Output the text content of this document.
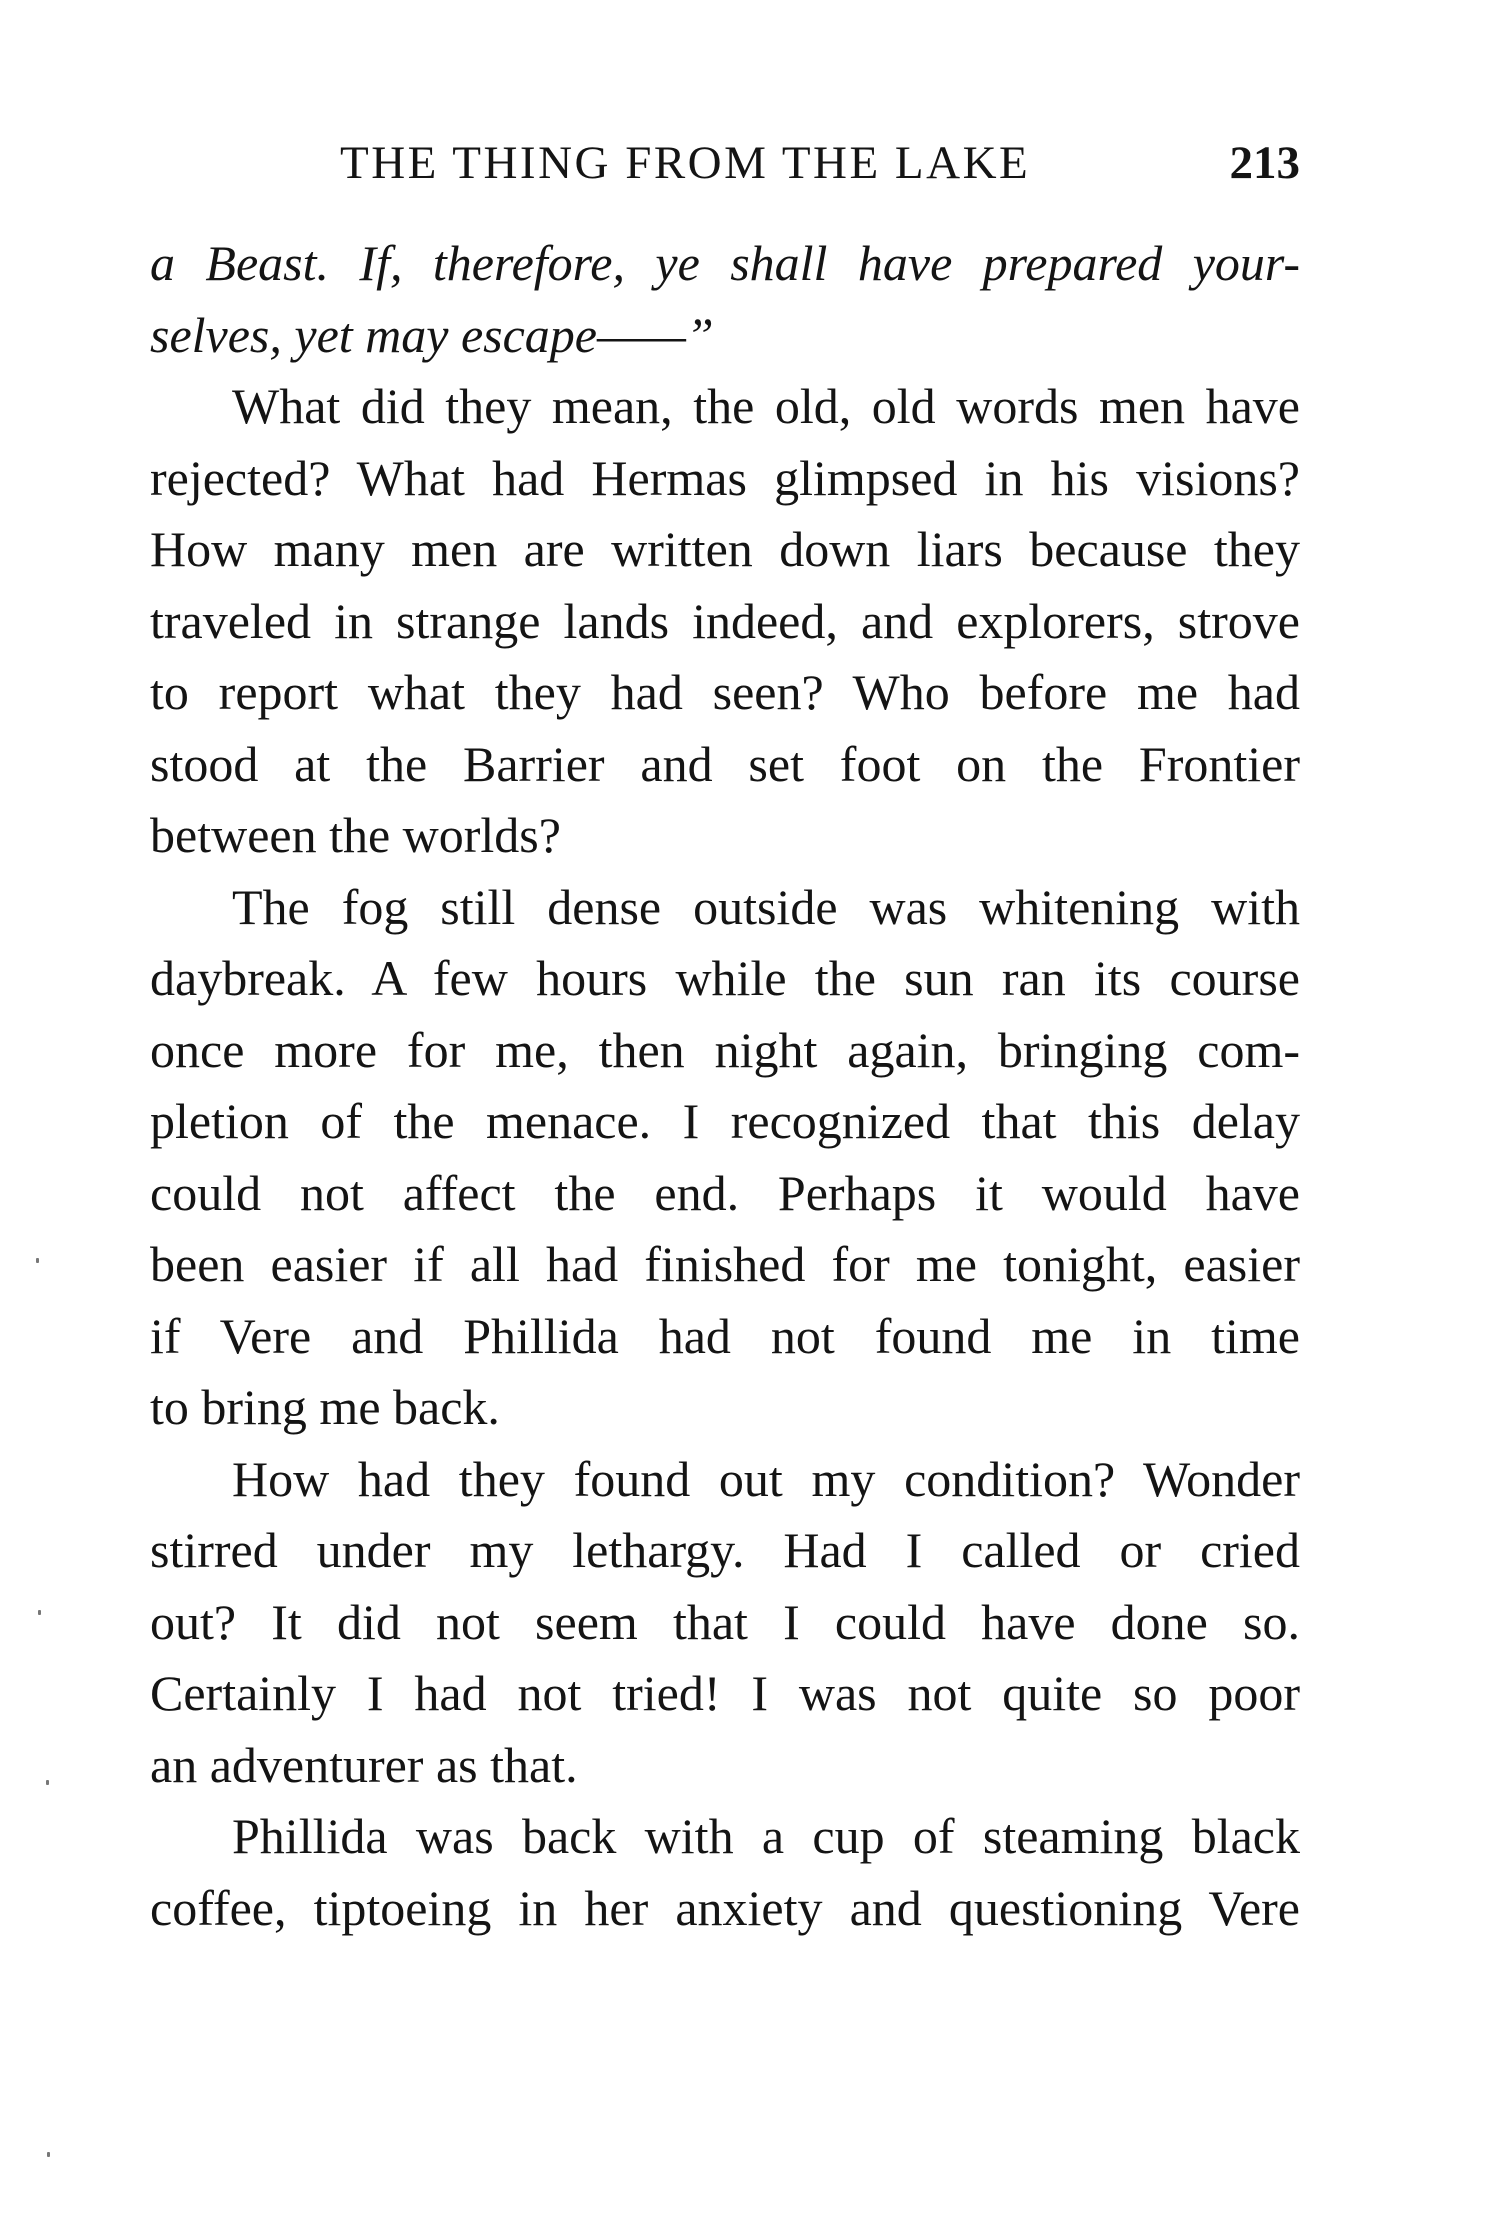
THE THING FROM THE LAKE	213
a Beast. If, therefore, ye shall have prepared your-
selves, yet may escape——”
What did they mean, the old, old words men have
rejected? What had Hermas glimpsed in his visions?
How many men are written down liars because they
traveled in strange lands indeed, and explorers, strove
to report what they had seen? Who before me had
stood at the Barrier and set foot on the Frontier
between the worlds?
The fog still dense outside was whitening with
daybreak. A few hours while the sun ran its course
once more for me, then night again, bringing com-
pletion of the menace. I recognized that this delay
could not affect the end. Perhaps it would have
been easier if all had finished for me tonight, easier
if Vere and Phillida had not found me in time
to bring me back.
How had they found out my condition? Wonder
stirred under my lethargy. Had I called or cried
out? It did not seem that I could have done so.
Certainly I had not tried! I was not quite so poor
an adventurer as that.
Phillida was back with a cup of steaming black
coffee, tiptoeing in her anxiety and questioning Vere
